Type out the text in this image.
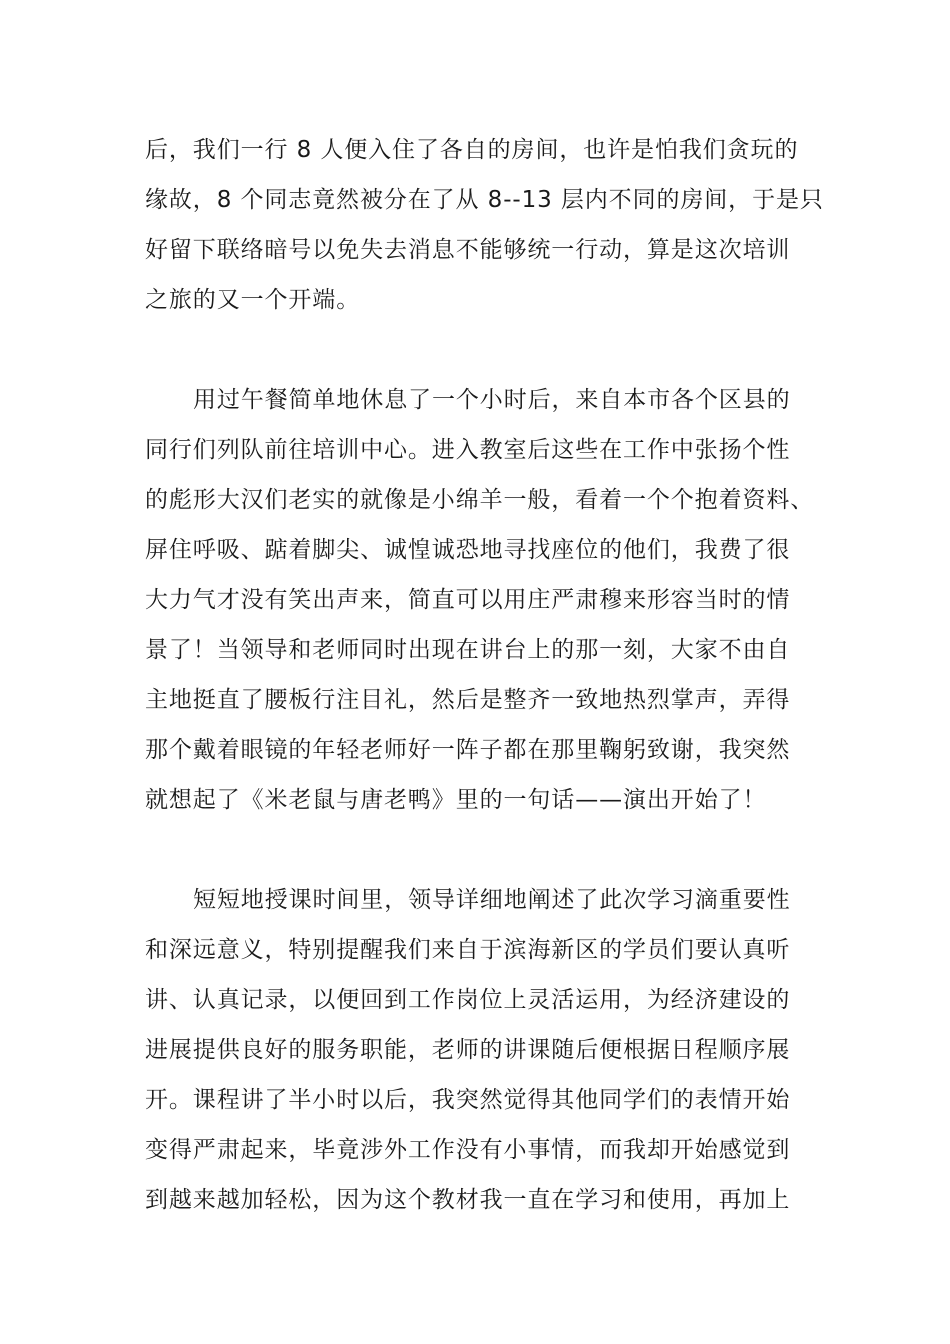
后，我们一行 8 人便入住了各自的房间，也许是怕我们贪玩的
缘故，8 个同志竟然被分在了从 8--13 层内不同的房间，于是只
好留下联络暗号以免失去消息不能够统一行动，算是这次培训
之旅的又一个开端。
用过午餐简单地休息了一个小时后，来自本市各个区县的
同行们列队前往培训中心。进入教室后这些在工作中张扬个性
的彪形大汉们老实的就像是小绵羊一般，看着一个个抱着资料、
屏住呼吸、踮着脚尖、诚惶诚恐地寻找座位的他们，我费了很
大力气才没有笑出声来，简直可以用庄严肃穆来形容当时的情
景了！当领导和老师同时出现在讲台上的那一刻，大家不由自
主地挺直了腰板行注目礼，然后是整齐一致地热烈掌声，弄得
那个戴着眼镜的年轻老师好一阵子都在那里鞠躬致谢，我突然
就想起了《米老鼠与唐老鸭》里的一句话——演出开始了！
短短地授课时间里，领导详细地阐述了此次学习滴重要性
和深远意义，特别提醒我们来自于滨海新区的学员们要认真听
讲、认真记录，以便回到工作岗位上灵活运用，为经济建设的
进展提供良好的服务职能，老师的讲课随后便根据日程顺序展
开。课程讲了半小时以后，我突然觉得其他同学们的表情开始
变得严肃起来，毕竟涉外工作没有小事情，而我却开始感觉到
到越来越加轻松，因为这个教材我一直在学习和使用，再加上
